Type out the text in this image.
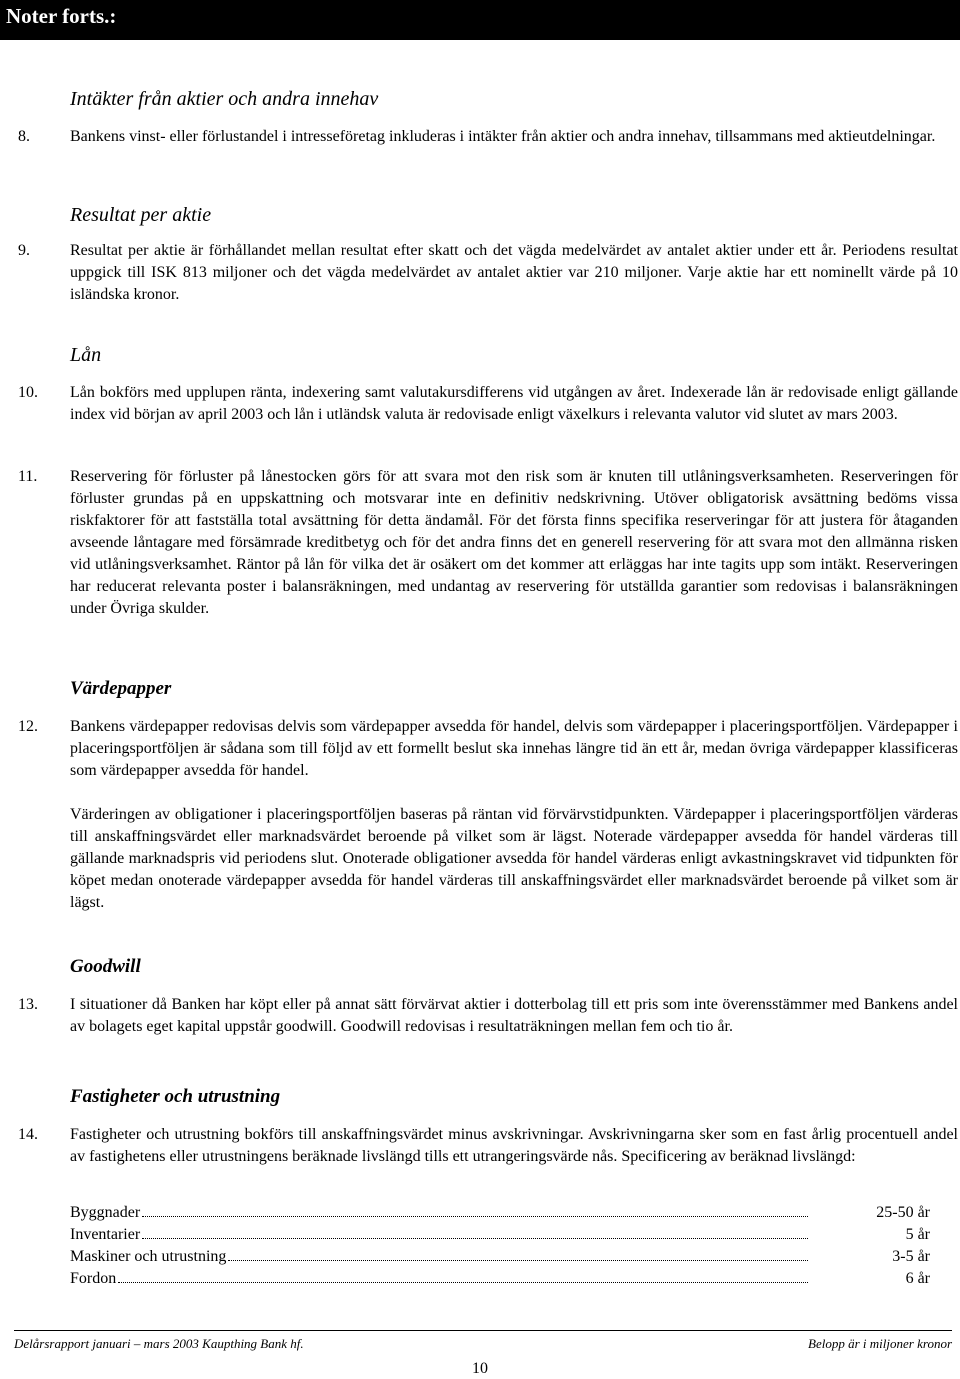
Noter forts.:
Intäkter från aktier och andra innehav
8.	Bankens vinst- eller förlustandel i intresseföretag inkluderas i intäkter från aktier och andra innehav, tillsammans med aktieutdelningar.

Resultat per aktie
9.	Resultat per aktie är förhållandet mellan resultat efter skatt och det vägda medelvärdet av antalet aktier under ett år. Periodens resultat uppgick till ISK 813 miljoner och det vägda medelvärdet av antalet aktier var 210 miljoner. Varje aktie har ett nominellt värde på 10 isländska kronor.

Lån
10. Lån bokförs med upplupen ränta, indexering samt valutakursdifferens vid utgången av året. Indexerade lån är redovisade enligt gällande index vid början av april 2003 och lån i utländsk valuta är redovisade enligt växelkurs i relevanta valutor vid slutet av mars 2003.

11. Reservering för förluster på lånestocken görs för att svara mot den risk som är knuten till utlåningsverksamheten. Reserveringen för förluster grundas på en uppskattning och motsvarar inte en definitiv nedskrivning. Utöver obligatorisk avsättning bedöms vissa riskfaktorer för att fastställa total avsättning för detta ändamål. För det första finns specifika reserveringar för att justera för åtaganden avseende låntagare med försämrade kreditbetyg och för det andra finns det en generell reservering för att svara mot den allmänna risken vid utlåningsverksamhet. Räntor på lån för vilka det är osäkert om det kommer att erläggas har inte tagits upp som intäkt. Reserveringen har reducerat relevanta poster i balansräkningen, med undantag av reservering för utställda garantier som redovisas i balansräkningen under Övriga skulder.

Värdepapper
12. Bankens värdepapper redovisas delvis som värdepapper avsedda för handel, delvis som värdepapper i placeringsportföljen. Värdepapper i placeringsportföljen är sådana som till följd av ett formellt beslut ska innehas längre tid än ett år, medan övriga värdepapper klassificeras som värdepapper avsedda för handel.

Värderingen av obligationer i placeringsportföljen baseras på räntan vid förvärvstidpunkten. Värdepapper i placeringsportföljen värderas till anskaffningsvärdet eller marknadsvärdet beroende på vilket som är lägst. Noterade värdepapper avsedda för handel värderas till gällande marknadspris vid periodens slut. Onoterade obligationer avsedda för handel värderas enligt avkastningskravet vid tidpunkten för köpet medan onoterade värdepapper avsedda för handel värderas till anskaffningsvärdet eller marknadsvärdet beroende på vilket som är lägst.

Goodwill
13. I situationer då Banken har köpt eller på annat sätt förvärvat aktier i dotterbolag till ett pris som inte överensstämmer med Bankens andel av bolagets eget kapital uppstår goodwill. Goodwill redovisas i resultaträkningen mellan fem och tio år.

Fastigheter och utrustning
14. Fastigheter och utrustning bokförs till anskaffningsvärdet minus avskrivningar. Avskrivningarna sker som en fast årlig procentuell andel av fastighetens eller utrustningens beräknade livslängd tills ett utrangeringsvärde nås. Specificering av beräknad livslängd:

Byggnader	25-50 år
Inventarier	5 år
Maskiner och utrustning	3-5 år
Fordon	6 år
Delårsrapport januari – mars 2003 Kaupthing Bank hf.	Belopp är i miljoner kronor
10
